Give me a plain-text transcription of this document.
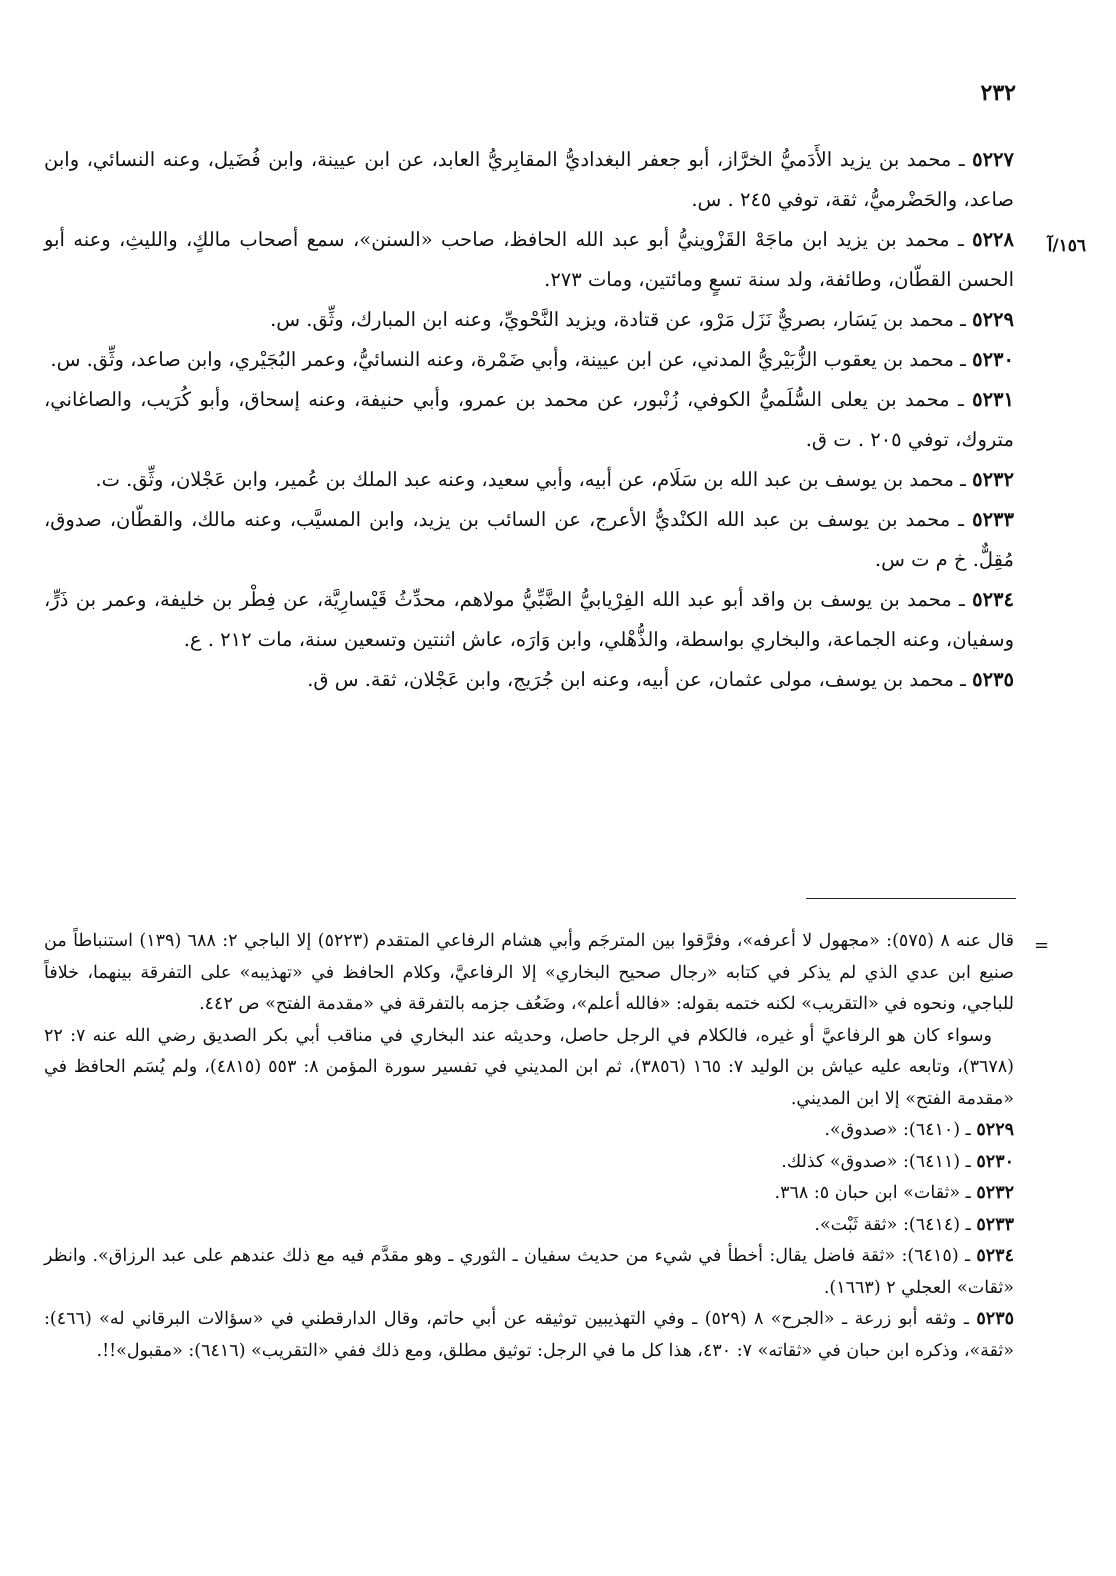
٢٣٢
١٥٦/آ

٥٢٢٧ ـ محمد بن يزيد الأَدَميُّ الخرَّاز، أبو جعفر البغداديُّ المقابِريُّ العابد، عن ابن عيينة، وابن فُضَيل، وعنه النسائي، وابن صاعد، والحَضْرميُّ، ثقة، توفي ٢٤٥ . س.

٥٢٢٨ ـ محمد بن يزيد ابن ماجَهْ القَزْوينيُّ أبو عبد الله الحافظ، صاحب «السنن»، سمع أصحاب مالكٍ، والليثِ، وعنه أبو الحسن القطّان، وطائفة، ولد سنة تسعٍ ومائتين، ومات ٢٧٣.

٥٢٢٩ ـ محمد بن يَسَار، بصريٌّ نَزَل مَرْو، عن قتادة، ويزيد النَّحْويِّ، وعنه ابن المبارك، وثِّق. س.

٥٢٣٠ ـ محمد بن يعقوب الزُّبَيْريُّ المدني، عن ابن عيينة، وأبي ضَمْرة، وعنه النسائيُّ، وعمر البُجَيْري، وابن صاعد، وثِّق. س.

٥٢٣١ ـ محمد بن يعلى السُّلَميُّ الكوفي، زُنْبور، عن محمد بن عمرو، وأبي حنيفة، وعنه إسحاق، وأبو كُرَيب، والصاغاني، متروك، توفي ٢٠٥ . ت ق.

٥٢٣٢ ـ محمد بن يوسف بن عبد الله بن سَلَام، عن أبيه، وأبي سعيد، وعنه عبد الملك بن عُمير، وابن عَجْلان، وثِّق. ت.

٥٢٣٣ ـ محمد بن يوسف بن عبد الله الكنْديُّ الأعرج، عن السائب بن يزيد، وابن المسيَّب، وعنه مالك، والقطّان، صدوق، مُقِلٌّ. خ م ت س.

٥٢٣٤ ـ محمد بن يوسف بن واقد أبو عبد الله الفِرْيابيُّ الضَّبِّيُّ مولاهم، محدِّثُ قَيْسارِيَّة، عن فِطْر بن خليفة، وعمر بن ذَرٍّ، وسفيان، وعنه الجماعة، والبخاري بواسطة، والذُّهْلي، وابن وَارَه، عاش اثنتين وتسعين سنة، مات ٢١٢ . ع.

٥٢٣٥ ـ محمد بن يوسف، مولى عثمان، عن أبيه، وعنه ابن جُرَيج، وابن عَجْلان، ثقة. س ق.

=

قال عنه ٨ (٥٧٥): «مجهول لا أعرفه»، وفرَّقوا بين المترجَم وأبي هشام الرفاعي المتقدم (٥٢٢٣) إلا الباجي ٢: ٦٨٨ (١٣٩) استنباطاً من صنيع ابن عدي الذي لم يذكر في كتابه «رجال صحيح البخاري» إلا الرفاعيَّ، وكلام الحافظ في «تهذيبه» على التفرقة بينهما، خلافاً للباجي، ونحوه في «التقريب» لكنه ختمه بقوله: «فالله أعلم»، وضَعُف جزمه بالتفرقة في «مقدمة الفتح» ص ٤٤٢.

وسواء كان هو الرفاعيَّ أو غيره، فالكلام في الرجل حاصل، وحديثه عند البخاري في مناقب أبي بكر الصديق رضي الله عنه ٧: ٢٢ (٣٦٧٨)، وتابعه عليه عياش بن الوليد ٧: ١٦٥ (٣٨٥٦)، ثم ابن المديني في تفسير سورة المؤمن ٨: ٥٥٣ (٤٨١٥)، ولم يُسَم الحافظ في «مقدمة الفتح» إلا ابن المديني.

٥٢٢٩ ـ (٦٤١٠): «صدوق».

٥٢٣٠ ـ (٦٤١١): «صدوق» كذلك.

٥٢٣٢ ـ «ثقات» ابن حبان ٥: ٣٦٨.

٥٢٣٣ ـ (٦٤١٤): «ثقة ثَبْت».

٥٢٣٤ ـ (٦٤١٥): «ثقة فاضل يقال: أخطأ في شيء من حديث سفيان ـ الثوري ـ وهو مقدَّم فيه مع ذلك عندهم على عبد الرزاق». وانظر «ثقات» العجلي ٢ (١٦٦٣).

٥٢٣٥ ـ وثقه أبو زرعة ـ «الجرح» ٨ (٥٢٩) ـ وفي التهذيبين توثيقه عن أبي حاتم، وقال الدارقطني في «سؤالات البرقاني له» (٤٦٦): «ثقة»، وذكره ابن حبان في «ثقاته» ٧: ٤٣٠، هذا كل ما في الرجل: توثيق مطلق، ومع ذلك ففي «التقريب» (٦٤١٦): «مقبول»!!.
